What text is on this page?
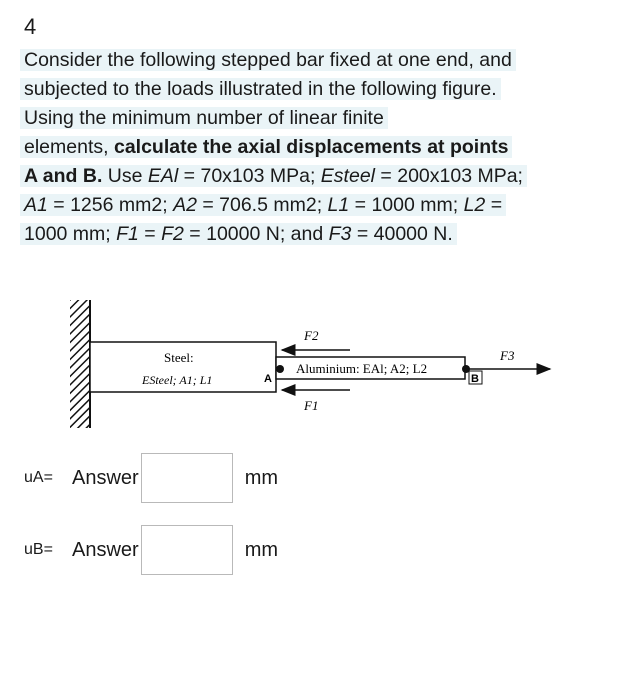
4
Consider the following stepped bar fixed at one end, and
subjected to the loads illustrated in the following figure.
Using the minimum number of linear finite
elements, calculate the axial displacements at points
A and B. Use EAl = 70x103 MPa; Esteel = 200x103 MPa;
A1 = 1256 mm2; A2 = 706.5 mm2; L1 = 1000 mm; L2 =
1000 mm; F1 = F2 = 10000 N; and F3 = 40000 N.
Steel:
ESteel; A1; L1
Aluminium: EAl; A2; L2
A	B
F2
F1
F3
uA= Answer	mm
uB= Answer	mm
